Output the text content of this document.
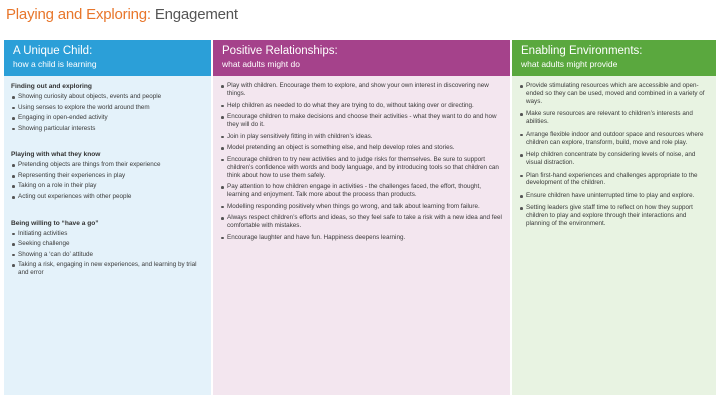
Playing and Exploring: Engagement
A Unique Child:
how a child is learning
Finding out and exploring
Showing curiosity about objects, events and people
Using senses to explore the world around them
Engaging in open-ended activity
Showing particular interests
Playing with what they know
Pretending objects are things from their experience
Representing their experiences in play
Taking on a role in their play
Acting out experiences with other people
Being willing to “have a go”
Initiating activities
Seeking challenge
Showing a ‘can do’ attitude
Taking a risk, engaging in new experiences, and learning by trial and error
Positive Relationships:
what adults might do
Play with children. Encourage them to explore, and show your own interest in discovering new things.
Help children as needed to do what they are trying to do, without taking over or directing.
Encourage children to make decisions and choose their activities - what they want to do and how they will do it.
Join in play sensitively fitting in with children’s ideas.
Model pretending an object is something else, and help develop roles and stories.
Encourage children to try new activities and to judge risks for themselves. Be sure to support children’s confidence with words and body language, and by introducing tools so that children can think about how to use them safely.
Pay attention to how children engage in activities - the challenges faced, the effort, thought, learning and enjoyment. Talk more about the process than products.
Modelling responding positively when things go wrong, and talk about learning from failure.
Always respect children’s efforts and ideas, so they feel safe to take a risk with a new idea and feel comfortable with mistakes.
Encourage laughter and have fun. Happiness deepens learning.
Enabling Environments:
what adults might provide
Provide stimulating resources which are accessible and open-ended so they can be used, moved and combined in a variety of ways.
Make sure resources are relevant to children’s interests and abilities.
Arrange flexible indoor and outdoor space and resources where children can explore, transform, build, move and role play.
Help children concentrate by considering levels of noise, and visual distraction.
Plan first-hand experiences and challenges appropriate to the development of the children.
Ensure children have uninterrupted time to play and explore.
Setting leaders give staff time to reflect on how they support children to play and explore through their interactions and planning of the environment.
